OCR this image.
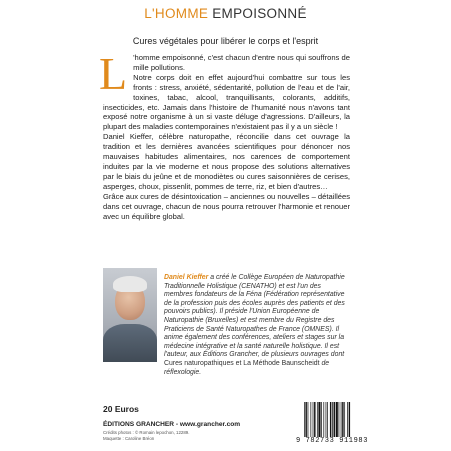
L'HOMME EMPOISONNÉ
Cures végétales pour libérer le corps et l'esprit

L 'homme empoisonné, c'est chacun d'entre nous qui souffrons de mille pollutions.

Notre corps doit en effet aujourd'hui combattre sur tous les fronts : stress, anxiété, sédentarité, pollution de l'eau et de l'air, toxines, tabac, alcool, tranquillisants, colorants, additifs, insecticides, etc. Jamais dans l'histoire de l'humanité nous n'avons tant exposé notre organisme à un si vaste déluge d'agressions. D'ailleurs, la plupart des maladies contemporaines n'existaient pas il y a un siècle !

Daniel Kieffer, célèbre naturopathe, réconcilie dans cet ouvrage la tradition et les dernières avancées scientifiques pour dénoncer nos mauvaises habitudes alimentaires, nos carences de comportement induites par la vie moderne et nous propose des solutions alternatives par le biais du jeûne et de monodiètes ou cures saisonnières de cerises, asperges, choux, pissenlit, pommes de terre, riz, et bien d'autres…

Grâce aux cures de désintoxication – anciennes ou nouvelles – détaillées dans cet ouvrage, chacun de nous pourra retrouver l'harmonie et renouer avec un équilibre global.

Daniel Kieffer a créé le Collège Européen de Naturopathie Traditionnelle Holistique (CENATHO) et est l'un des membres fondateurs de la Féna (Fédération représentative de la profession puis des écoles auprès des patients et des pouvoirs publics). Il préside l'Union Européenne de Naturopathie (Bruxelles) et est membre du Registre des Praticiens de Santé Naturopathes de France (OMNES). Il anime également des conférences, ateliers et stages sur la médecine intégrative et la santé naturelle holistique. Il est l'auteur, aux Éditions Grancher, de plusieurs ouvrages dont Cures naturopathiques et La Méthode Baunscheidt de réflexologie.
20 Euros
ÉDITIONS GRANCHER - www.grancher.com
Crédits photos : © Romain lepochon, 12289.
Maquette : Caroline Bréon	9 782733 911983
